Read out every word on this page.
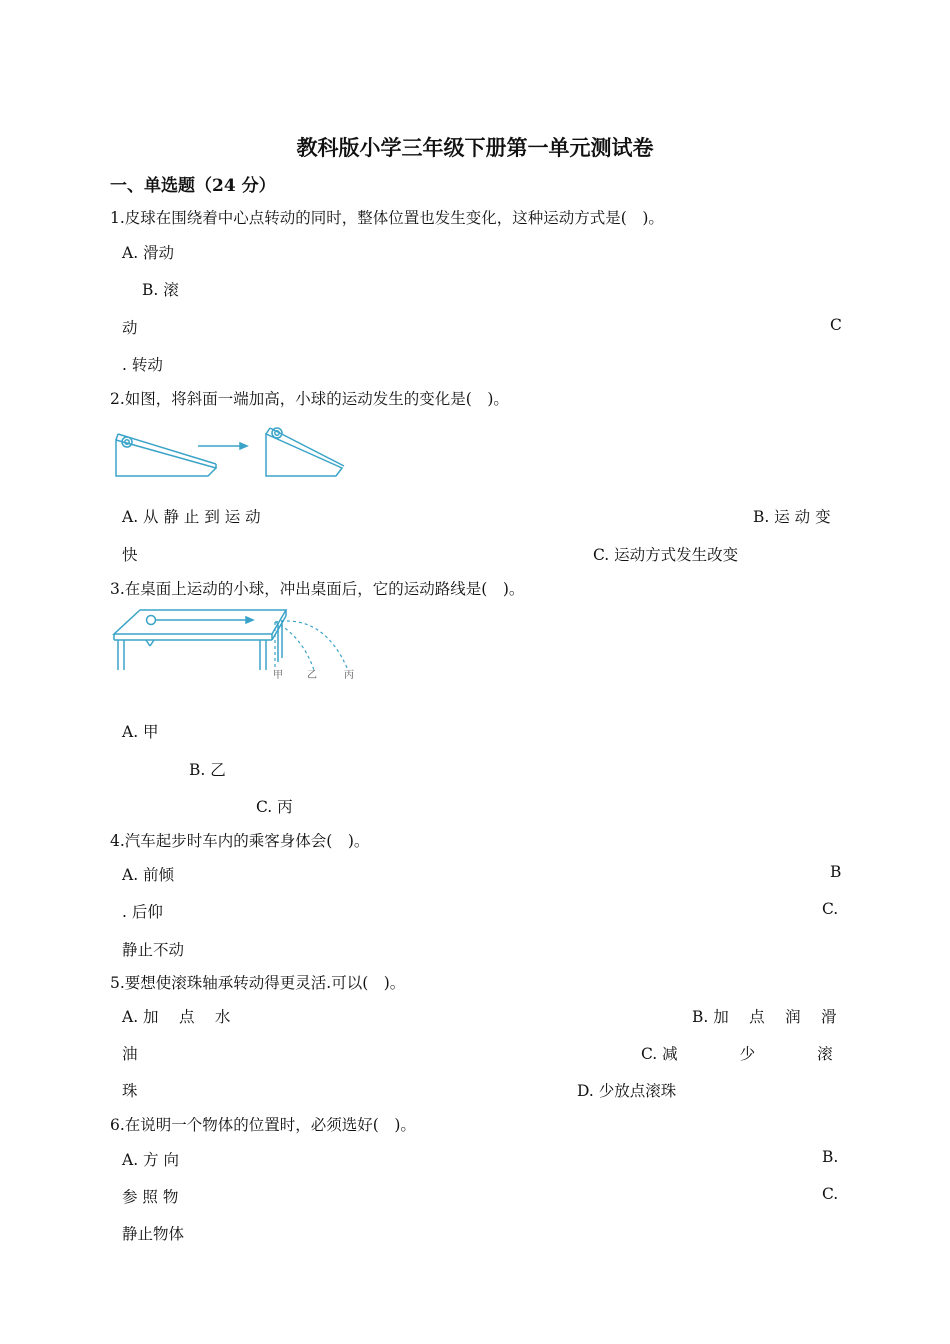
教科版小学三年级下册第一单元测试卷
一、单选题（24 分）
1.皮球在围绕着中心点转动的同时，整体位置也发生变化，这种运动方式是(　)。
A. 滑动
B. 滚
动	C
. 转动
2.如图，将斜面一端加高，小球的运动发生的变化是(　)。
A. 从 静 止 到 运 动	B. 运 动 变
快	C. 运动方式发生改变
3.在桌面上运动的小球，冲出桌面后，它的运动路线是(　)。
甲 乙	丙
A. 甲
B. 乙
C. 丙
4.汽车起步时车内的乘客身体会(　)。
A. 前倾	B
. 后仰	C.
静止不动
5.要想使滚珠轴承转动得更灵活.可以(　)。
A. 加　 点　 水	B. 加　 点　 润　 滑
油	C. 减　　　　少　　　　滚
珠	D. 少放点滚珠
6.在说明一个物体的位置时，必须选好(　)。
A. 方 向	B.
参 照 物	C.
静止物体
